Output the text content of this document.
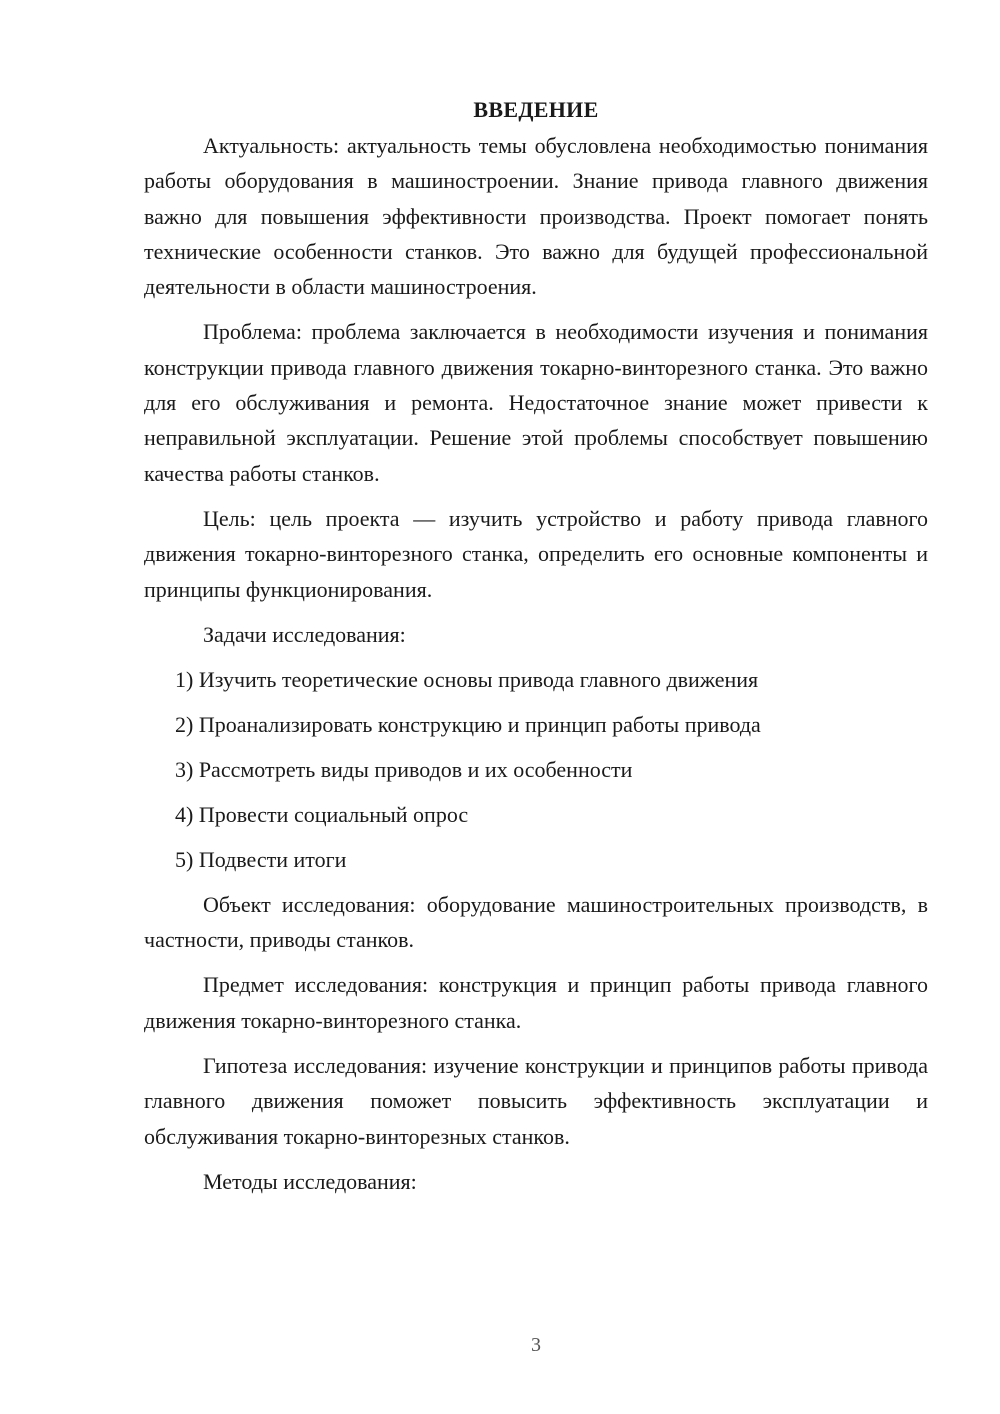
ВВЕДЕНИЕ

Актуальность: актуальность темы обусловлена необходимостью понимания работы оборудования в машиностроении. Знание привода главного движения важно для повышения эффективности производства. Проект помогает понять технические особенности станков. Это важно для будущей профессиональной деятельности в области машиностроения.

Проблема: проблема заключается в необходимости изучения и понимания конструкции привода главного движения токарно-винторезного станка. Это важно для его обслуживания и ремонта. Недостаточное знание может привести к неправильной эксплуатации. Решение этой проблемы способствует повышению качества работы станков.

Цель: цель проекта — изучить устройство и работу привода главного движения токарно-винторезного станка, определить его основные компоненты и принципы функционирования.

Задачи исследования:

1) Изучить теоретические основы привода главного движения

2) Проанализировать конструкцию и принцип работы привода

3) Рассмотреть виды приводов и их особенности

4) Провести социальный опрос

5) Подвести итоги

Объект исследования: оборудование машиностроительных производств, в частности, приводы станков.

Предмет исследования: конструкция и принцип работы привода главного движения токарно-винторезного станка.

Гипотеза исследования: изучение конструкции и принципов работы привода главного движения поможет повысить эффективность эксплуатации и обслуживания токарно-винторезных станков.

Методы исследования:

3
